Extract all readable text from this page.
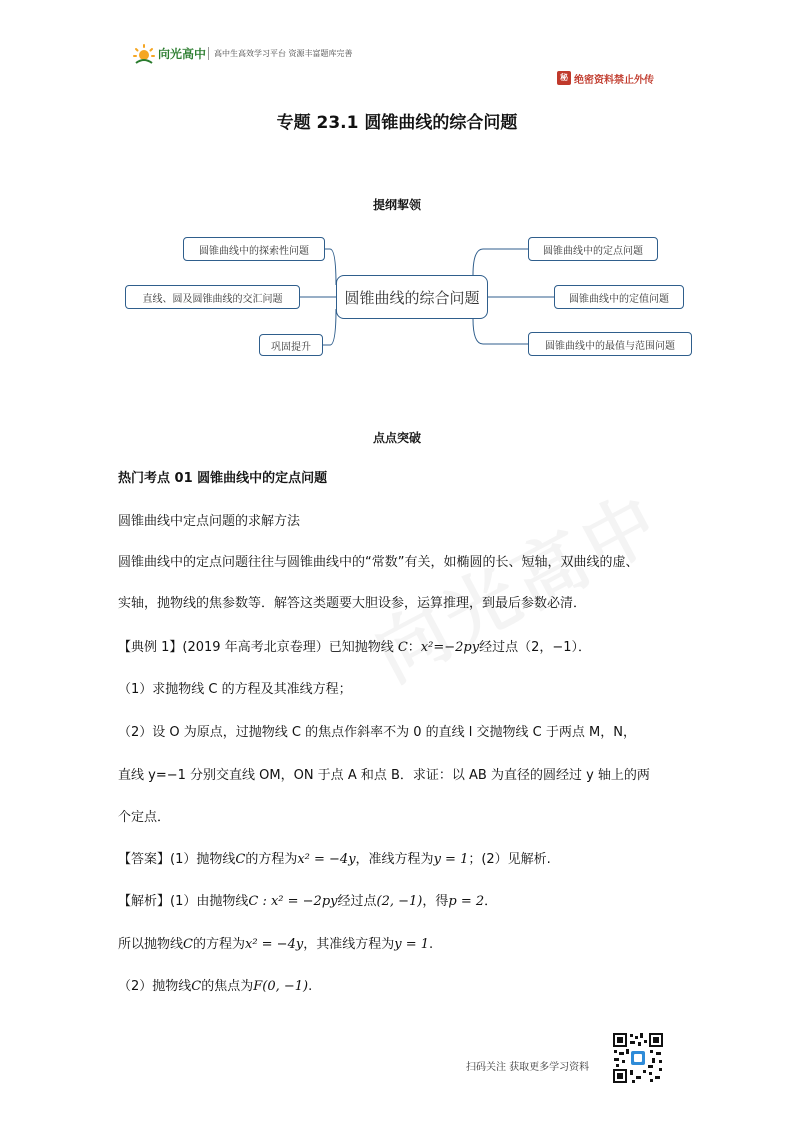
向光高中 高中生高效学习平台 资源丰富题库完善
秘 绝密资料禁止外传
专题 23.1 圆锥曲线的综合问题
提纲挈领
圆锥曲线的综合问题
圆锥曲线中的探索性问题
直线、圆及圆锥曲线的交汇问题
巩固提升
圆锥曲线中的定点问题
圆锥曲线中的定值问题
圆锥曲线中的最值与范围问题
点点突破
热门考点 01 圆锥曲线中的定点问题
圆锥曲线中定点问题的求解方法
圆锥曲线中的定点问题往往与圆锥曲线中的“常数”有关，如椭圆的长、短轴，双曲线的虚、
实轴，抛物线的焦参数等．解答这类题要大胆设参，运算推理，到最后参数必清．
【典例 1】(2019 年高考北京卷理）已知抛物线 C：x²=−2py经过点（2，−1）．
（1）求抛物线 C 的方程及其准线方程；
（2）设 O 为原点，过抛物线 C 的焦点作斜率不为 0 的直线 l 交抛物线 C 于两点 M，N，
直线 y=−1 分别交直线 OM，ON 于点 A 和点 B．求证：以 AB 为直径的圆经过 y 轴上的两
个定点．
【答案】(1）抛物线C的方程为x² = −4y，准线方程为y = 1；(2）见解析.
【解析】(1）由抛物线C : x² = −2py经过点(2, −1)，得p = 2．
所以抛物线C的方程为x² = −4y，其准线方程为y = 1.
（2）抛物线C的焦点为F(0, −1).
扫码关注 获取更多学习资料
